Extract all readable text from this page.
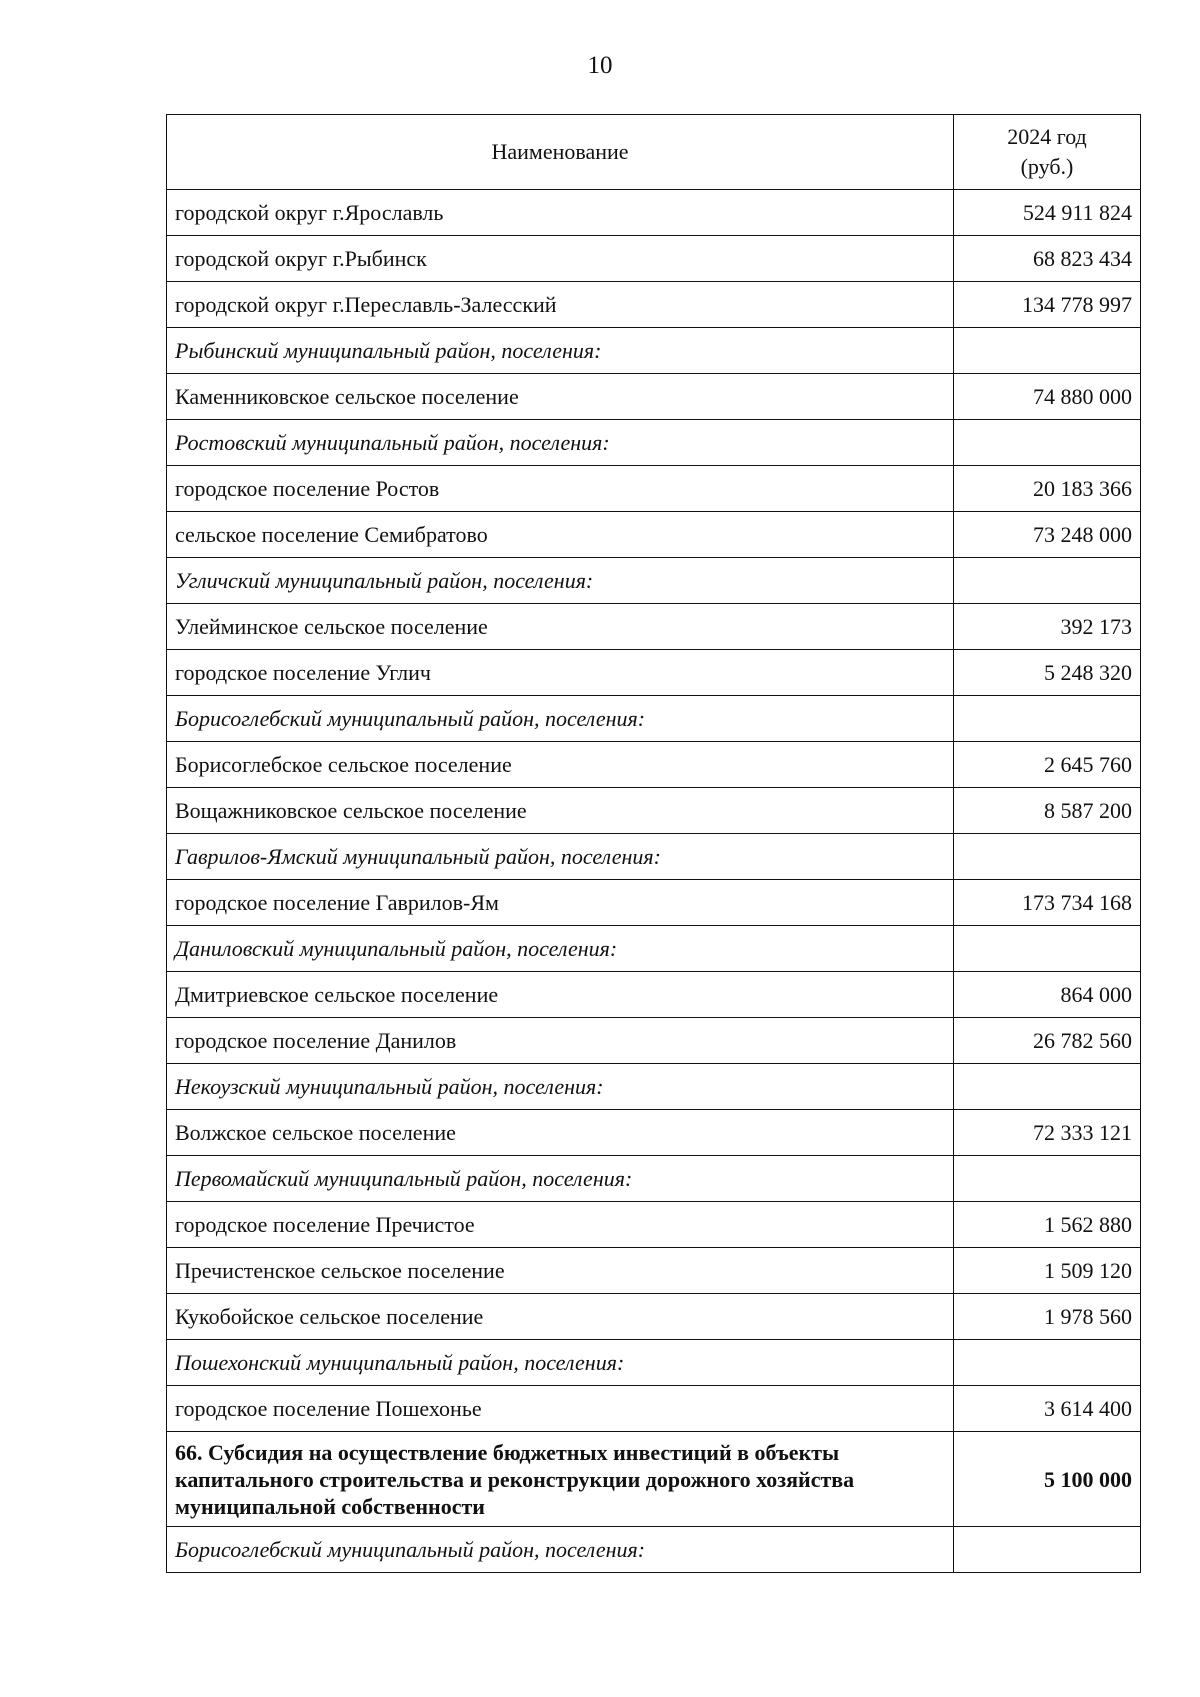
10
Наименование	2024 год
(руб.)

городской округ г.Ярославль	524 911 824
городской округ г.Рыбинск	68 823 434
городской округ г.Переславль-Залесский	134 778 997
Рыбинский муниципальный район, поселения:	
Каменниковское сельское поселение	74 880 000
Ростовский муниципальный район, поселения:	
городское поселение Ростов	20 183 366
сельское поселение Семибратово	73 248 000
Угличский муниципальный район, поселения:	
Улейминское сельское поселение	392 173
городское поселение Углич	5 248 320
Борисоглебский муниципальный район, поселения:	
Борисоглебское сельское поселение	2 645 760
Вощажниковское сельское поселение	8 587 200
Гаврилов-Ямский муниципальный район, поселения:	
городское поселение Гаврилов-Ям	173 734 168
Даниловский муниципальный район, поселения:	
Дмитриевское сельское поселение	864 000
городское поселение Данилов	26 782 560
Некоузский муниципальный район, поселения:	
Волжское сельское поселение	72 333 121
Первомайский муниципальный район, поселения:	
городское поселение Пречистое	1 562 880
Пречистенское сельское поселение	1 509 120
Кукобойское сельское поселение	1 978 560
Пошехонский муниципальный район, поселения:	
городское поселение Пошехонье	3 614 400
66. Субсидия на осуществление бюджетных инвестиций в объекты капитального строительства и реконструкции дорожного хозяйства муниципальной собственности	5 100 000
Борисоглебский муниципальный район, поселения:	
